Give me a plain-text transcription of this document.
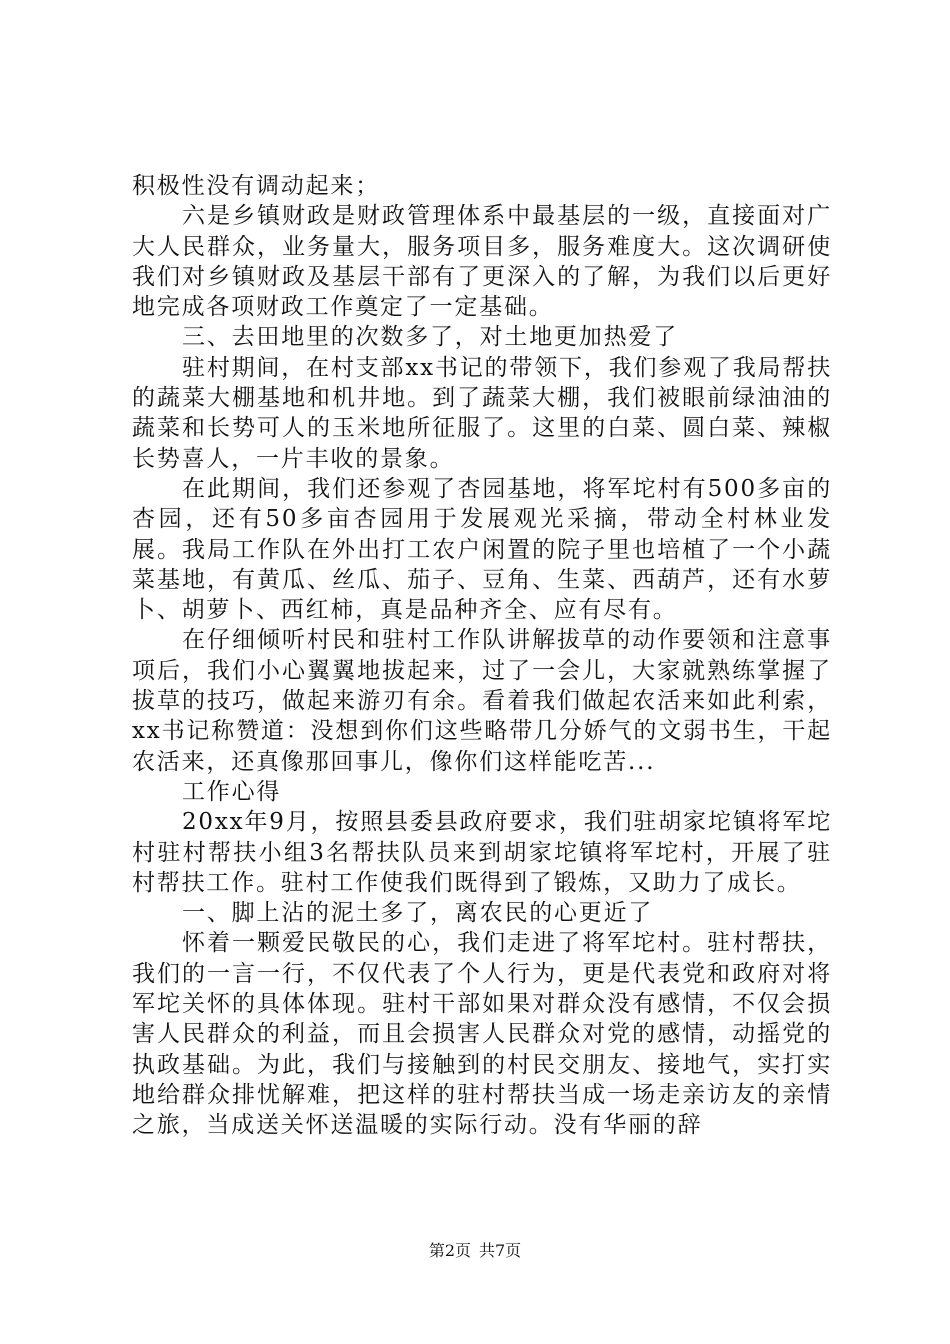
积极性没有调动起来；

六是乡镇财政是财政管理体系中最基层的一级，直接面对广大人民群众，业务量大，服务项目多，服务难度大。这次调研使我们对乡镇财政及基层干部有了更深入的了解，为我们以后更好地完成各项财政工作奠定了一定基础。

三、去田地里的次数多了，对土地更加热爱了

驻村期间，在村支部xx书记的带领下，我们参观了我局帮扶的蔬菜大棚基地和机井地。到了蔬菜大棚，我们被眼前绿油油的蔬菜和长势可人的玉米地所征服了。这里的白菜、圆白菜、辣椒长势喜人，一片丰收的景象。

在此期间，我们还参观了杏园基地，将军坨村有500多亩的杏园，还有50多亩杏园用于发展观光采摘，带动全村林业发展。我局工作队在外出打工农户闲置的院子里也培植了一个小蔬菜基地，有黄瓜、丝瓜、茄子、豆角、生菜、西葫芦，还有水萝卜、胡萝卜、西红柿，真是品种齐全、应有尽有。

在仔细倾听村民和驻村工作队讲解拔草的动作要领和注意事项后，我们小心翼翼地拔起来，过了一会儿，大家就熟练掌握了拔草的技巧，做起来游刃有余。看着我们做起农活来如此利索，xx书记称赞道：没想到你们这些略带几分娇气的文弱书生，干起农活来，还真像那回事儿，像你们这样能吃苦...

工作心得

20xx年9月，按照县委县政府要求，我们驻胡家坨镇将军坨村驻村帮扶小组3名帮扶队员来到胡家坨镇将军坨村，开展了驻村帮扶工作。驻村工作使我们既得到了锻炼，又助力了成长。

一、脚上沾的泥土多了，离农民的心更近了

怀着一颗爱民敬民的心，我们走进了将军坨村。驻村帮扶，我们的一言一行，不仅代表了个人行为，更是代表党和政府对将军坨关怀的具体体现。驻村干部如果对群众没有感情，不仅会损害人民群众的利益，而且会损害人民群众对党的感情，动摇党的执政基础。为此，我们与接触到的村民交朋友、接地气，实打实地给群众排忧解难，把这样的驻村帮扶当成一场走亲访友的亲情之旅，当成送关怀送温暖的实际行动。没有华丽的辞

第2页 共7页
